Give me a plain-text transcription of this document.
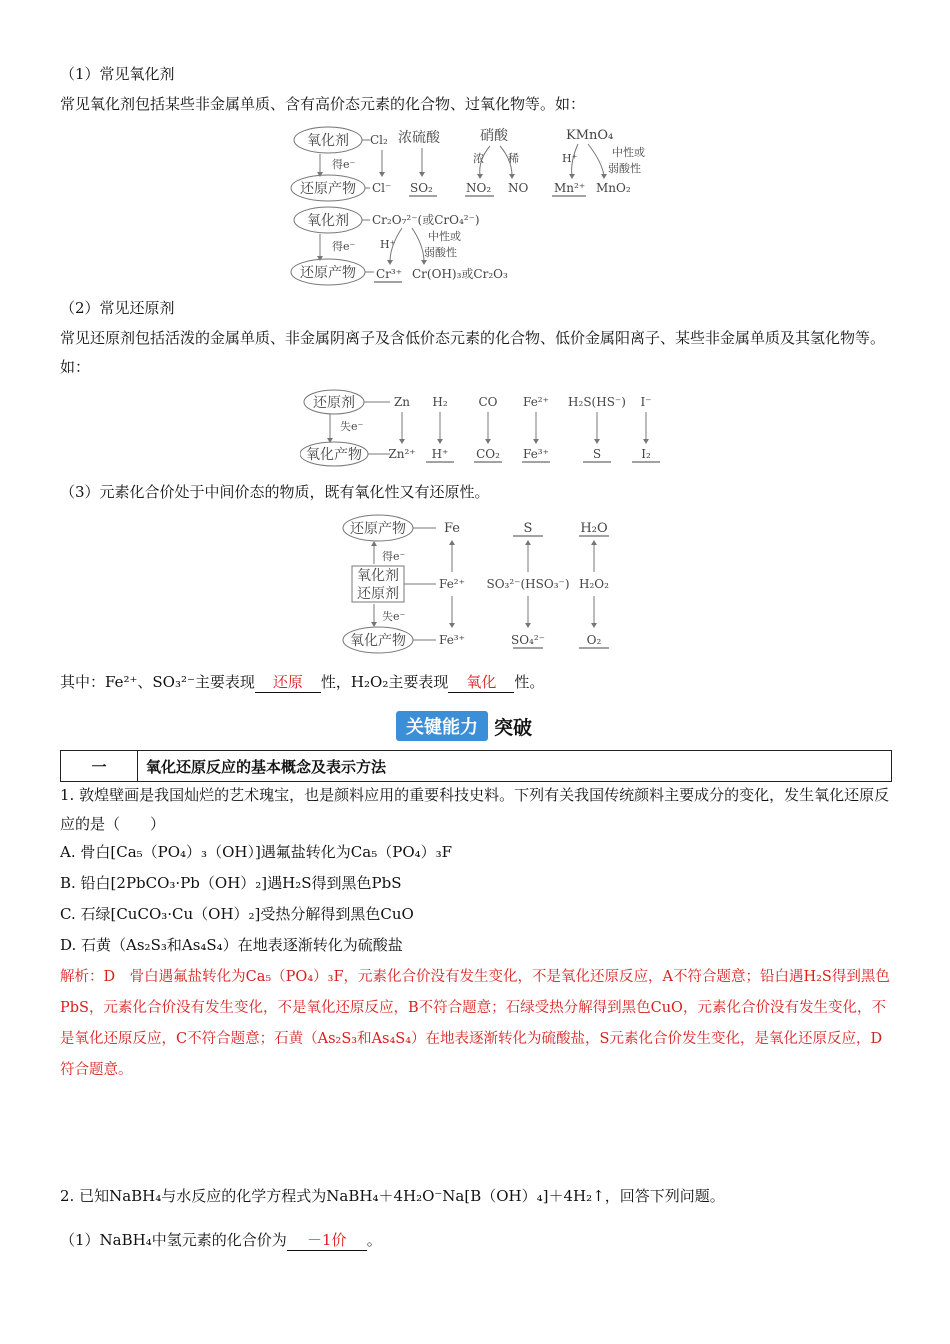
（1）常见氧化剂
常见氧化剂包括某些非金属单质、含有高价态元素的化合物、过氧化物等。如：
氧化剂
还原产物
得e⁻
Cl₂
Cl⁻
浓硫酸
SO₂
硝酸
浓 稀
NO₂ NO
KMnO₄
H⁺	中性或
弱酸性
Mn²⁺ MnO₂
氧化剂
还原产物
得e⁻
Cr₂O₇²⁻(或CrO₄²⁻)
H⁺
中性或
弱酸性
Cr³⁺ Cr(OH)₃或Cr₂O₃
（2）常见还原剂
常见还原剂包括活泼的金属单质、非金属阴离子及含低价态元素的化合物、低价金属阳离子、某些非金属单质及其氢化物等。如：
还原剂
氧化产物
失e⁻
Zn
Zn²⁺
H₂
H⁺
CO
CO₂
Fe²⁺
Fe³⁺
H₂S(HS⁻)
S
I⁻
I₂
（3）元素化合价处于中间价态的物质，既有氧化性又有还原性。
还原产物
氧化剂
还原剂
氧化产物
得e⁻
失e⁻
Fe
Fe²⁺
Fe³⁺
S
SO₃²⁻(HSO₃⁻)
SO₄²⁻
H₂O
H₂O₂
O₂
其中：Fe²⁺、SO₃²⁻主要表现 还原 性，H₂O₂主要表现 氧化 性。
关键能力 突破
一	氧化还原反应的基本概念及表示方法
1. 敦煌壁画是我国灿烂的艺术瑰宝，也是颜料应用的重要科技史料。下列有关我国传统颜料主要成分的变化，发生氧化还原反应的是（　　）
A. 骨白[Ca₅（PO₄）₃（OH）]遇氟盐转化为Ca₅（PO₄）₃F
B. 铅白[2PbCO₃·Pb（OH）₂]遇H₂S得到黑色PbS
C. 石绿[CuCO₃·Cu（OH）₂]受热分解得到黑色CuO
D. 石黄（As₂S₃和As₄S₄）在地表逐渐转化为硫酸盐
解析：D　骨白遇氟盐转化为Ca₅（PO₄）₃F，元素化合价没有发生变化，不是氧化还原反应，A不符合题意；铅白遇H₂S得到黑色PbS，元素化合价没有发生变化，不是氧化还原反应，B不符合题意；石绿受热分解得到黑色CuO，元素化合价没有发生变化，不是氧化还原反应，C不符合题意；石黄（As₂S₃和As₄S₄）在地表逐渐转化为硫酸盐，S元素化合价发生变化，是氧化还原反应，D符合题意。
2. 已知NaBH₄与水反应的化学方程式为NaBH₄＋4H₂O⁻Na[B（OH）₄]＋4H₂↑，回答下列问题。
（1）NaBH₄中氢元素的化合价为 －1价 。
